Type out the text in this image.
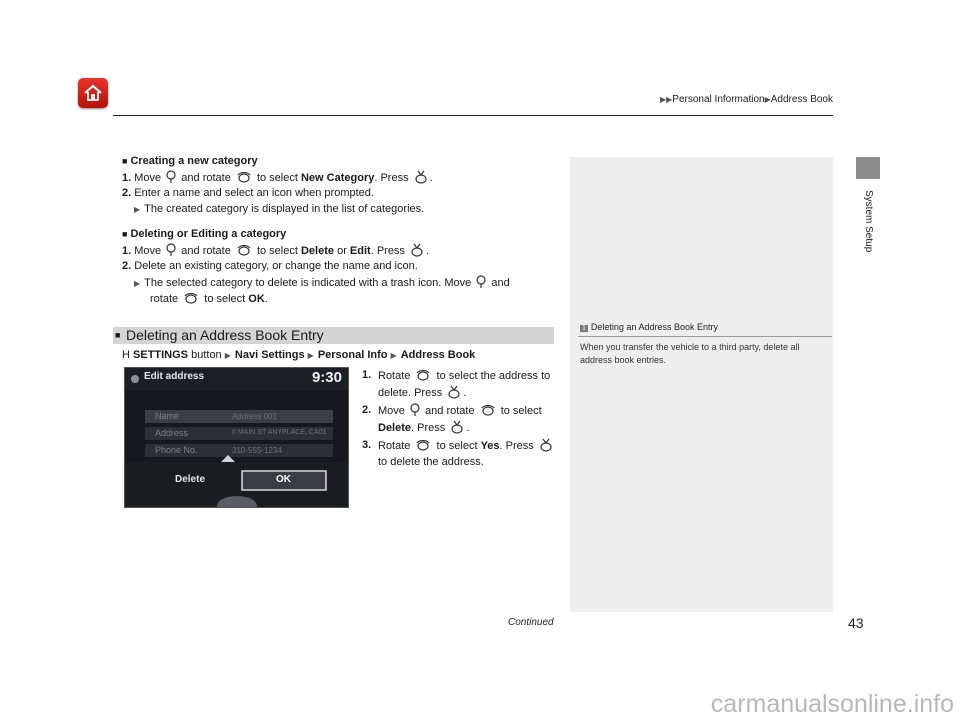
▶▶Personal Information▶Address Book
System Setup

■ Creating a new category

1. Move and rotate to select New Category. Press .

2. Enter a name and select an icon when prompted.

▶ The created category is displayed in the list of categories.

■ Deleting or Editing a category

1. Move and rotate to select Delete or Edit. Press .

2. Delete an existing category, or change the name and icon.

▶ The selected category to delete is indicated with a trash icon. Move and

rotate to select OK.

■ Deleting an Address Book Entry
H SETTINGS button ▶ Navi Settings ▶ Personal Info ▶ Address Book
Edit address	9:30
Name	Address 001
Address	6 MAIN ST ANYPLACE, CA01
Phone No.	310-555-1234
Delete	OK
1. Rotate to select the address to delete. Press .
2. Move and rotate to select Delete. Press .
3. Rotate to select Yes. Press  to delete the address.
1 Deleting an Address Book Entry
When you transfer the vehicle to a third party, delete all address book entries.
Continued	43
carmanualsonline.info
